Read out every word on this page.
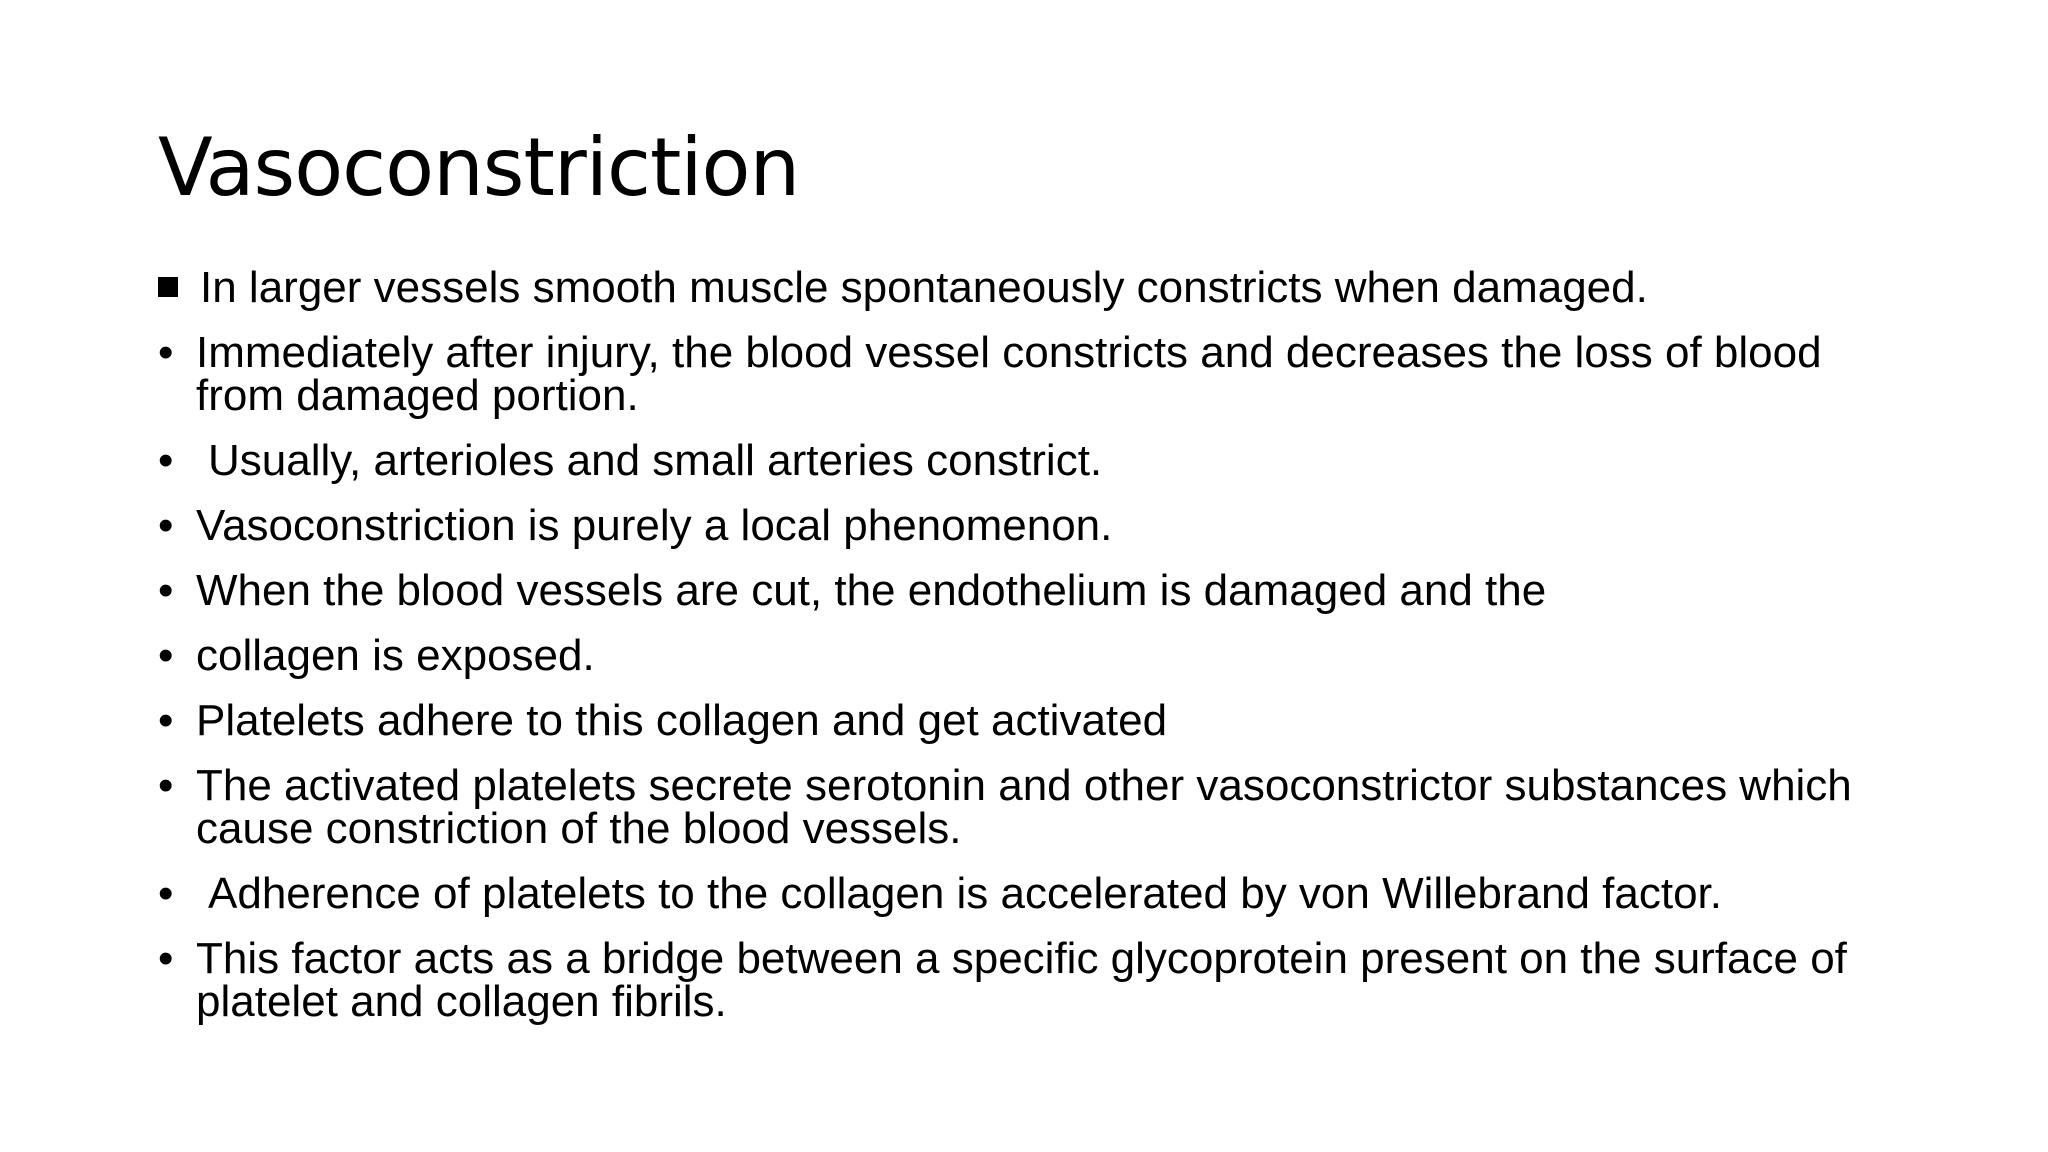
Vasoconstriction
In larger vessels smooth muscle spontaneously constricts when damaged.
• Immediately after injury, the blood vessel constricts and decreases the loss of blood from damaged portion.
• Usually, arterioles and small arteries constrict.
• Vasoconstriction is purely a local phenomenon.
• When the blood vessels are cut, the endothelium is damaged and the
• collagen is exposed.
• Platelets adhere to this collagen and get activated
• The activated platelets secrete serotonin and other vasoconstrictor substances which cause constriction of the blood vessels.
• Adherence of platelets to the collagen is accelerated by von Willebrand factor.
• This factor acts as a bridge between a specific glycoprotein present on the surface of platelet and collagen fibrils.
